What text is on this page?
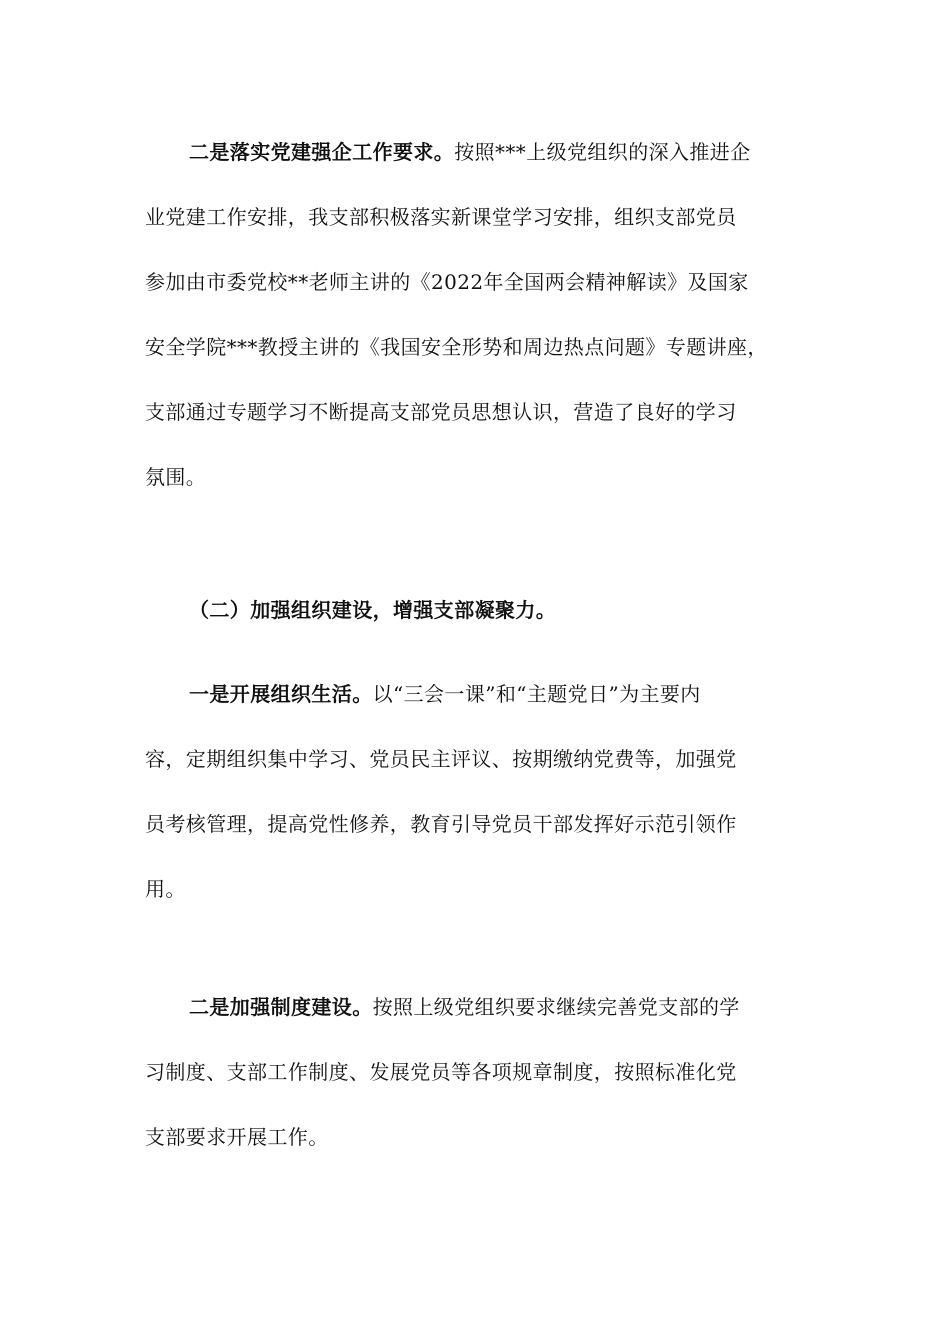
二是落实党建强企工作要求。按照***上级党组织的深入推进企
业党建工作安排，我支部积极落实新课堂学习安排，组织支部党员
参加由市委党校**老师主讲的《2022年全国两会精神解读》及国家
安全学院***教授主讲的《我国安全形势和周边热点问题》专题讲座，
支部通过专题学习不断提高支部党员思想认识，营造了良好的学习
氛围。
（二）加强组织建设，增强支部凝聚力。
一是开展组织生活。以“三会一课”和“主题党日”为主要内
容，定期组织集中学习、党员民主评议、按期缴纳党费等，加强党
员考核管理，提高党性修养，教育引导党员干部发挥好示范引领作
用。
二是加强制度建设。按照上级党组织要求继续完善党支部的学
习制度、支部工作制度、发展党员等各项规章制度，按照标准化党
支部要求开展工作。
